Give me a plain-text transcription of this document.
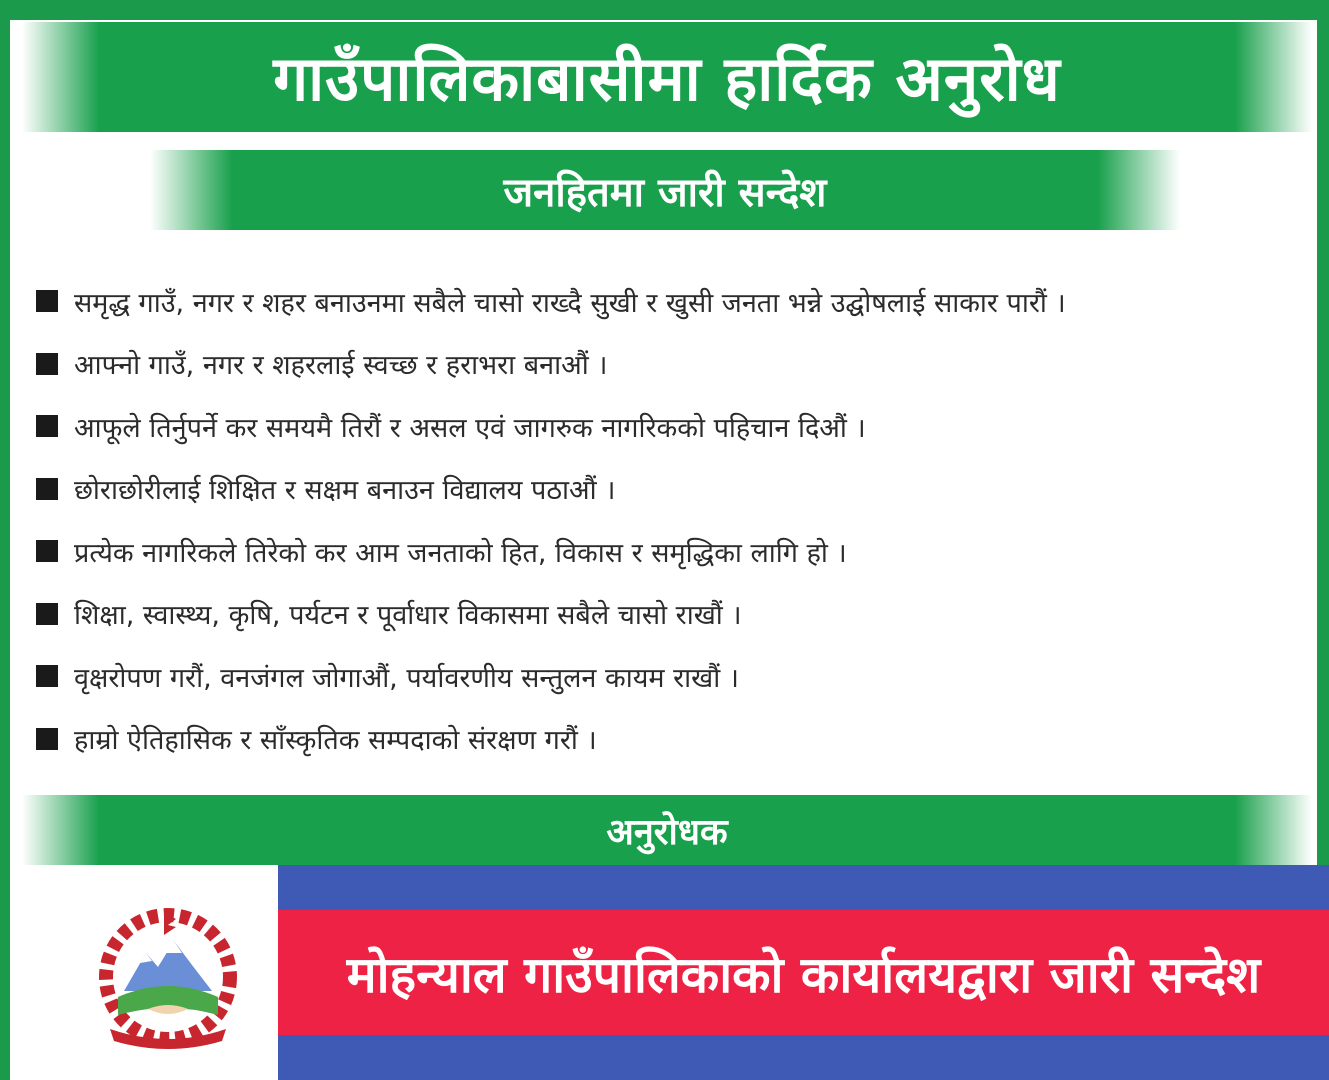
गाउँपालिकाबासीमा हार्दिक अनुरोध
जनहितमा जारी सन्देश
समृद्ध गाउँ, नगर र शहर बनाउनमा सबैले चासो राख्दै सुखी र खुसी जनता भन्ने उद्घोषलाई साकार पारौं ।
आफ्नो गाउँ, नगर र शहरलाई स्वच्छ र हराभरा बनाऔं ।
आफूले तिर्नुपर्ने कर समयमै तिरौं र असल एवं जागरुक नागरिकको पहिचान दिऔं ।
छोराछोरीलाई शिक्षित र सक्षम बनाउन विद्यालय पठाऔं ।
प्रत्येक नागरिकले तिरेको कर आम जनताको हित, विकास र समृद्धिका लागि हो ।
शिक्षा, स्वास्थ्य, कृषि, पर्यटन र पूर्वाधार विकासमा सबैले चासो राखौं ।
वृक्षरोपण गरौं, वनजंगल जोगाऔं, पर्यावरणीय सन्तुलन कायम राखौं ।
हाम्रो ऐतिहासिक र साँस्कृतिक सम्पदाको संरक्षण गरौं ।
अनुरोधक
मोहन्याल गाउँपालिकाको कार्यालयद्वारा जारी सन्देश
